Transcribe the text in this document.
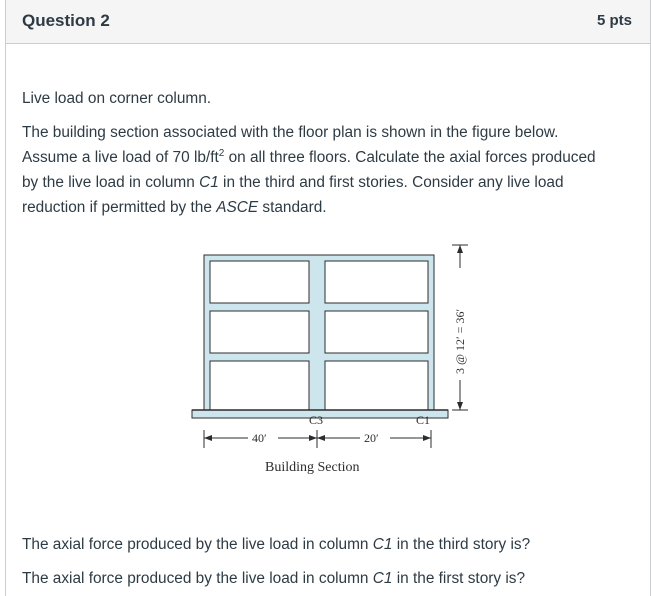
Question 2	5 pts
Live load on corner column.
The building section associated with the floor plan is shown in the figure below.
Assume a live load of 70 $lb/ft^2$ on all three floors. Calculate the axial forces produced
by the live load in column C1 in the third and first stories. Consider any live load
reduction if permitted by the ASCE standard.
C3	C1
40′	20′
3 @ 12′ = 36′
Building Section
The axial force produced by the live load in column C1 in the third story is?
The axial force produced by the live load in column C1 in the first story is?
